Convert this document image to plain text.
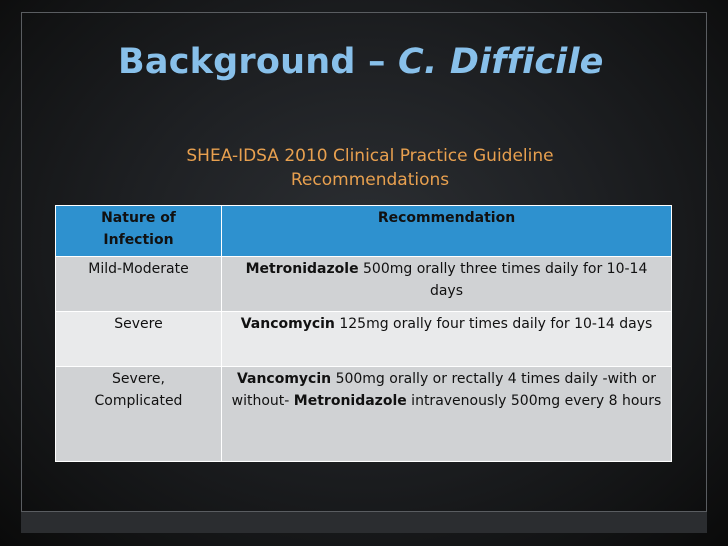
Background – C. Difficile
SHEA-IDSA 2010 Clinical Practice Guideline
Recommendations
Nature of
Infection	Recommendation
Mild-Moderate	Metronidazole 500mg orally three times daily for 10-14 days
Severe	Vancomycin 125mg orally four times daily for 10-14 days

Severe,
Complicated	Vancomycin 500mg orally or rectally 4 times daily -with or without- Metronidazole intravenously 500mg every 8 hours
